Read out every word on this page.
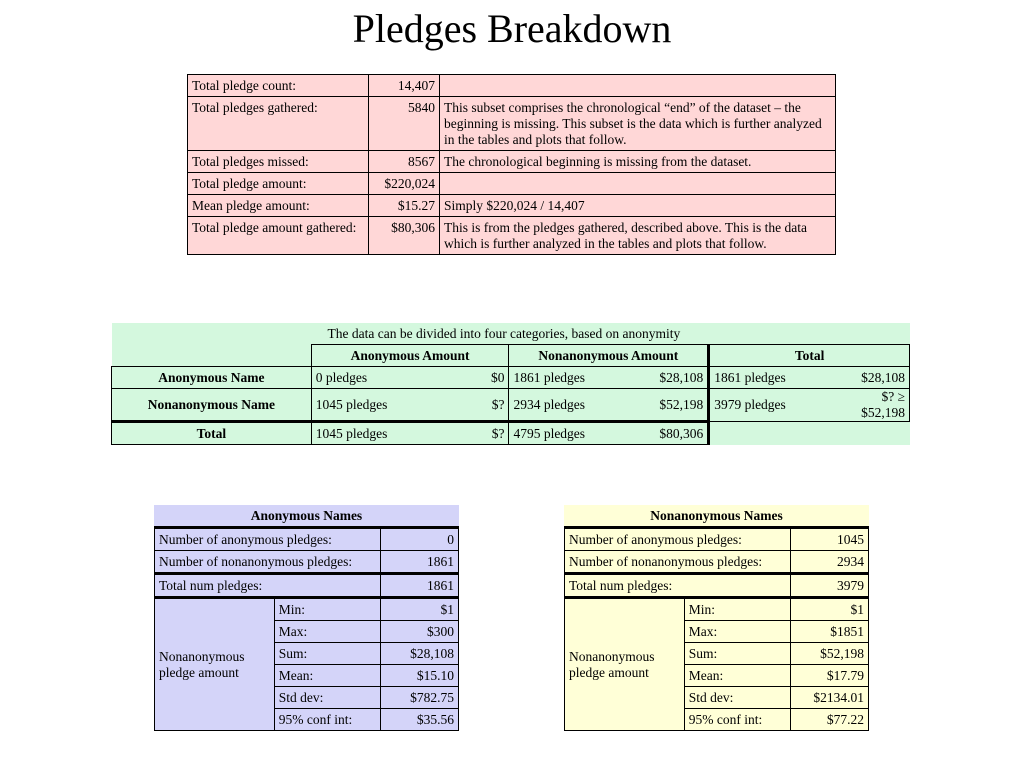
Pledges Breakdown
Total pledge count:	14,407	
Total pledges gathered:	5840	This subset comprises the chronological “end” of the dataset – the beginning is missing. This subset is the data which is further analyzed in the tables and plots that follow.
Total pledges missed:	8567	The chronological beginning is missing from the dataset.
Total pledge amount:	$220,024	
Mean pledge amount:	$15.27	Simply $220,024 / 14,407
Total pledge amount gathered:	$80,306	This is from the pledges gathered, described above. This is the data which is further analyzed in the tables and plots that follow.
The data can be divided into four categories, based on anonymity						
	Anonymous Amount		Nonanonymous Amount		Total	
Anonymous Name	0 pledges	$0	1861 pledges	$28,108	1861 pledges	$28,108
Nonanonymous Name	1045 pledges	$?	2934 pledges	$52,198	3979 pledges	$? ≥ $52,198
Total	1045 pledges	$?	4795 pledges	$80,306		
Anonymous Names		
Number of anonymous pledges:		0
Number of nonanonymous pledges:		1861
Total num pledges:		1861
Nonanonymous pledge amount	Min:	$1
	Max:	$300
	Sum:	$28,108
	Mean:	$15.10
	Std dev:	$782.75
	95% conf int:	$35.56
Nonanonymous Names		
Number of anonymous pledges:		1045
Number of nonanonymous pledges:		2934
Total num pledges:		3979
Nonanonymous pledge amount	Min:	$1
	Max:	$1851
	Sum:	$52,198
	Mean:	$17.79
	Std dev:	$2134.01
	95% conf int:	$77.22
